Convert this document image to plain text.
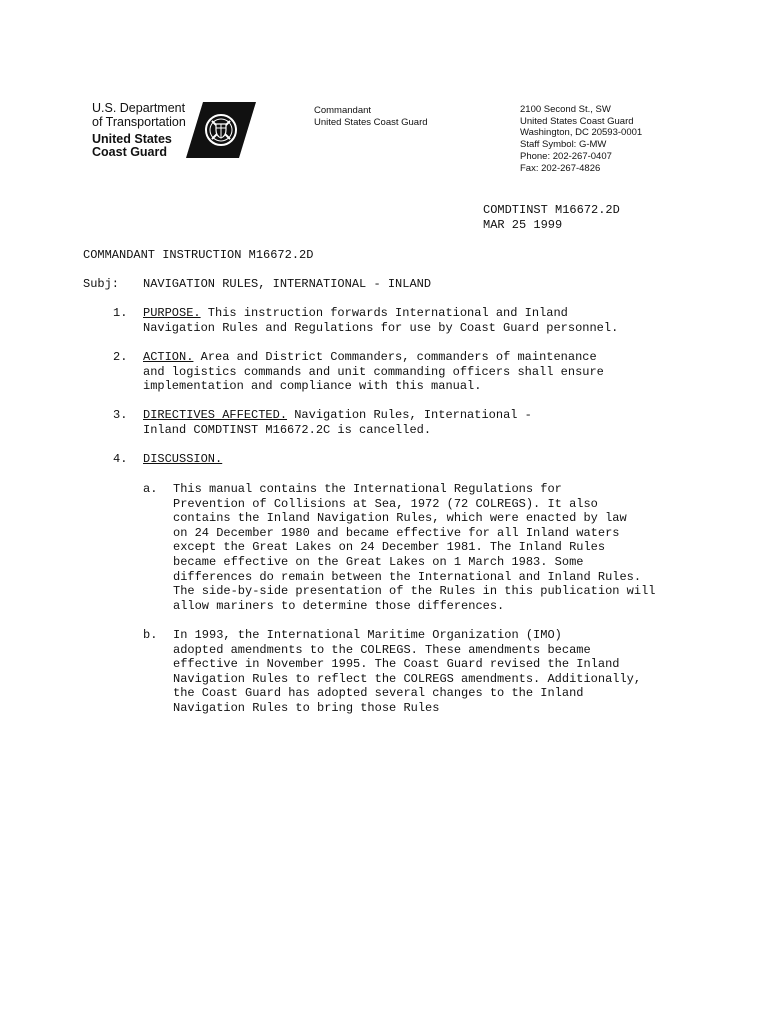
U.S. Department
of Transportation
United States
Coast Guard
Commandant
United States Coast Guard
2100 Second St., SW
United States Coast Guard
Washington, DC 20593-0001
Staff Symbol: G-MW
Phone: 202-267-0407
Fax: 202-267-4826
COMDTINST M16672.2D
MAR 25 1999
COMMANDANT INSTRUCTION M16672.2D
Subj: NAVIGATION RULES, INTERNATIONAL - INLAND
1. PURPOSE. This instruction forwards International and Inland
Navigation Rules and Regulations for use by Coast Guard personnel.
2. ACTION. Area and District Commanders, commanders of maintenance
and logistics commands and unit commanding officers shall ensure
implementation and compliance with this manual.
3. DIRECTIVES AFFECTED. Navigation Rules, International -
Inland COMDTINST M16672.2C is cancelled.
4. DISCUSSION.
a. This manual contains the International Regulations for
Prevention of Collisions at Sea, 1972 (72 COLREGS). It also
contains the Inland Navigation Rules, which were enacted by law
on 24 December 1980 and became effective for all Inland waters
except the Great Lakes on 24 December 1981. The Inland Rules
became effective on the Great Lakes on 1 March 1983. Some
differences do remain between the International and Inland Rules.
The side-by-side presentation of the Rules in this publication will
allow mariners to determine those differences.
b. In 1993, the International Maritime Organization (IMO)
adopted amendments to the COLREGS. These amendments became
effective in November 1995. The Coast Guard revised the Inland
Navigation Rules to reflect the COLREGS amendments. Additionally,
the Coast Guard has adopted several changes to the Inland
Navigation Rules to bring those Rules
